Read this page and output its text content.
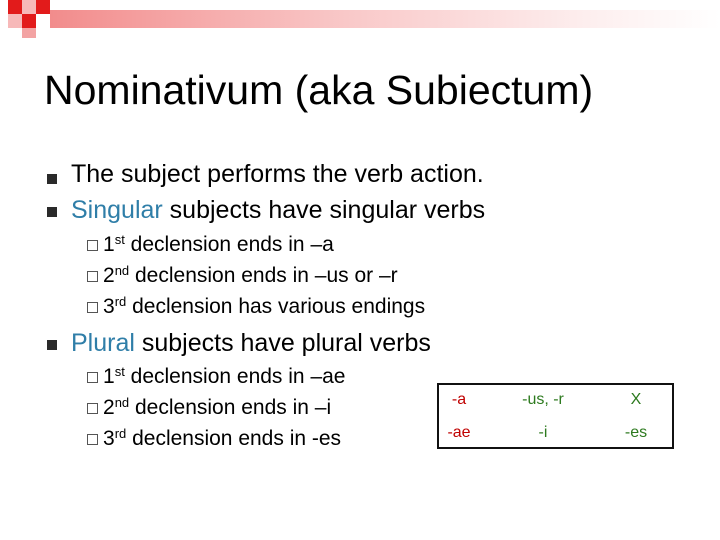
Nominativum (aka Subiectum)
The subject performs the verb action.
Singular subjects have singular verbs
1st declension ends in –a
2nd declension ends in –us or –r
3rd declension has various endings
Plural subjects have plural verbs
1st declension ends in –ae
2nd declension ends in –i
3rd declension ends in -es
-a	-us, -r	X
-ae	-i	-es
